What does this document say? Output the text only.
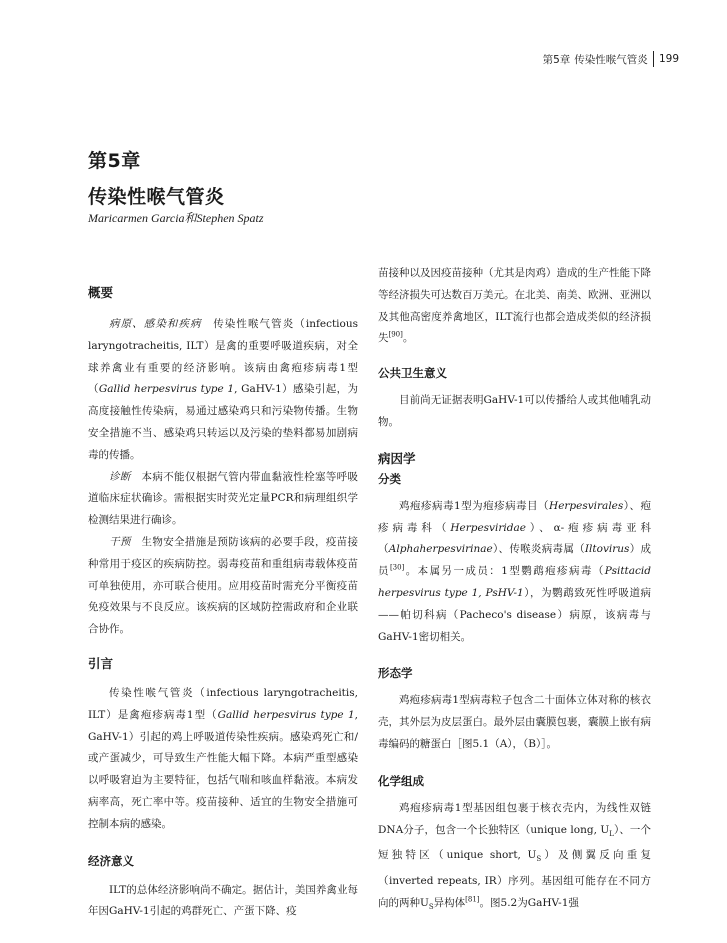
第5章 传染性喉气管炎 199
第5章
传染性喉气管炎
Maricarmen Garcia和Stephen Spatz
概要

病原、感染和疾病　传染性喉气管炎（infectious laryngotracheitis, ILT）是禽的重要呼吸道疾病，对全球养禽业有重要的经济影响。该病由禽疱疹病毒1型（Gallid herpesvirus type 1, GaHV-1）感染引起，为高度接触性传染病，易通过感染鸡只和污染物传播。生物安全措施不当、感染鸡只转运以及污染的垫料都易加剧病毒的传播。

诊断　本病不能仅根据气管内带血黏液性栓塞等呼吸道临床症状确诊。需根据实时荧光定量PCR和病理组织学检测结果进行确诊。

干预　生物安全措施是预防该病的必要手段，疫苗接种常用于疫区的疾病防控。弱毒疫苗和重组病毒载体疫苗可单独使用，亦可联合使用。应用疫苗时需充分平衡疫苗免疫效果与不良反应。该疾病的区域防控需政府和企业联合协作。

引言

传染性喉气管炎（infectious laryngotracheitis, ILT）是禽疱疹病毒1型（Gallid herpesvirus type 1, GaHV-1）引起的鸡上呼吸道传染性疾病。感染鸡死亡和/或产蛋减少，可导致生产性能大幅下降。本病严重型感染以呼吸窘迫为主要特征，包括气喘和咳血样黏液。本病发病率高，死亡率中等。疫苗接种、适宜的生物安全措施可控制本病的感染。

经济意义

ILT的总体经济影响尚不确定。据估计，美国养禽业每年因GaHV-1引起的鸡群死亡、产蛋下降、疫

苗接种以及因疫苗接种（尤其是肉鸡）造成的生产性能下降等经济损失可达数百万美元。在北美、南美、欧洲、亚洲以及其他高密度养禽地区，ILT流行也都会造成类似的经济损失[90]。

公共卫生意义

目前尚无证据表明GaHV-1可以传播给人或其他哺乳动物。

病因学
分类

鸡疱疹病毒1型为疱疹病毒目（Herpesvirales）、疱疹病毒科（Herpesviridae）、α-疱疹病毒亚科（Alphaherpesvirinae）、传喉炎病毒属（Iltovirus）成员[30]。本属另一成员：1型鹦鹉疱疹病毒（Psittacid herpesvirus type 1, PsHV-1），为鹦鹉致死性呼吸道病——帕切科病（Pacheco's disease）病原，该病毒与GaHV-1密切相关。

形态学

鸡疱疹病毒1型病毒粒子包含二十面体立体对称的核衣壳，其外层为皮层蛋白。最外层由囊膜包裹，囊膜上嵌有病毒编码的糖蛋白［图5.1（A），（B）］。

化学组成

鸡疱疹病毒1型基因组包裹于核衣壳内，为线性双链DNA分子，包含一个长独特区（unique long, $U_L$）、一个短独特区（unique short, $U_S$）及侧翼反向重复（inverted repeats, IR）序列。基因组可能存在不同方向的两种$U_S$异构体[81]。图5.2为GaHV-1强
